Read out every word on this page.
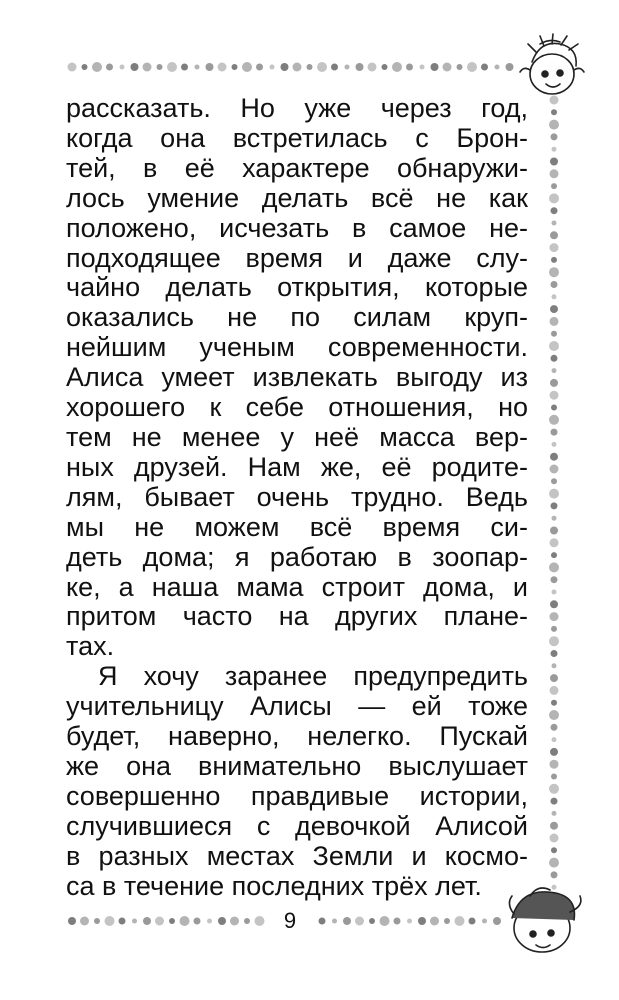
рассказать. Но уже через год,
когда она встретилась с Брон-
тей, в её характере обнаружи-
лось умение делать всё не как
положено, исчезать в самое не-
подходящее время и даже слу-
чайно делать открытия, которые
оказались не по силам круп-
нейшим ученым современности.
Алиса умеет извлекать выгоду из
хорошего к себе отношения, но
тем не менее у неё масса вер-
ных друзей. Нам же, её родите-
лям, бывает очень трудно. Ведь
мы не можем всё время си-
деть дома; я работаю в зоопар-
ке, а наша мама строит дома, и
притом часто на других плане-
тах.
Я хочу заранее предупредить
учительницу Алисы — ей тоже
будет, наверно, нелегко. Пускай
же она внимательно выслушает
совершенно правдивые истории,
случившиеся с девочкой Алисой
в разных местах Земли и космо-
са в течение последних трёх лет.
9
